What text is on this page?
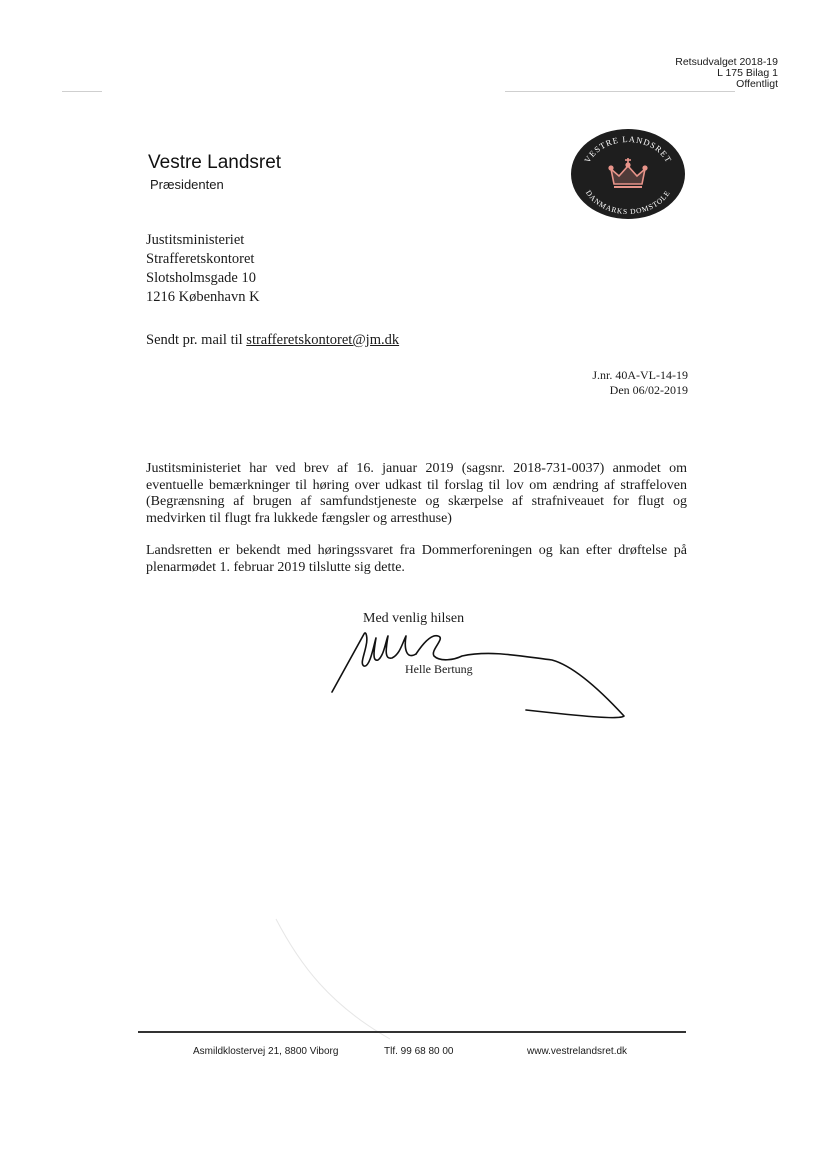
Retsudvalget 2018-19
L 175 Bilag 1
Offentligt
Vestre Landsret
Præsidenten
VESTRE LANDSRET
DANMARKS DOMSTOLE
Justitsministeriet
Strafferetskontoret
Slotsholmsgade 10
1216 København K
Sendt pr. mail til strafferetskontoret@jm.dk
J.nr. 40A-VL-14-19
Den 06/02-2019

Justitsministeriet har ved brev af 16. januar 2019 (sagsnr. 2018-731-0037) anmodet om eventuelle bemærkninger til høring over udkast til forslag til lov om ændring af straffeloven (Begrænsning af brugen af samfundstjeneste og skærpelse af strafniveauet for flugt og medvirken til flugt fra lukkede fængsler og arresthuse)

Landsretten er bekendt med høringssvaret fra Dommerforeningen og kan efter drøftelse på plenarmødet 1. februar 2019 tilslutte sig dette.

Med venlig hilsen
Helle Bertung
Asmildklostervej 21, 8800 Viborg	Tlf. 99 68 80 00	www.vestrelandsret.dk
